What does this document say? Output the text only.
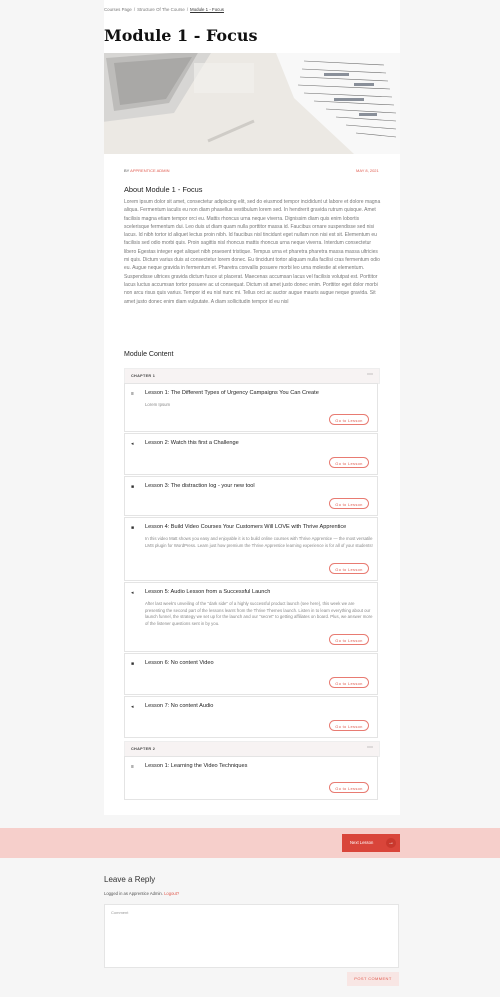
Courses Page / Structure Of The Course / Module 1 - Focus
Module 1 - Focus
BY APPRENTICE ADMIN	MAY 8, 2021
About Module 1 - Focus

Lorem ipsum dolor sit amet, consectetur adipiscing elit, sed do eiusmod tempor incididunt ut labore et dolore magna aliqua. Fermentum iaculis eu non diam phasellus vestibulum lorem sed. In hendrerit gravida rutrum quisque. Amet facilisis magna etiam tempor orci eu. Mattis rhoncus urna neque viverra. Dignissim diam quis enim lobortis scelerisque fermentum dui. Leo duis ut diam quam nulla porttitor massa id. Faucibus ornare suspendisse sed nisi lacus. Id nibh tortor id aliquet lectus proin nibh. Id faucibus nisl tincidunt eget nullam non nisi est sit. Elementum eu facilisis sed odio morbi quis. Proin sagittis nisl rhoncus mattis rhoncus urna neque viverra. Interdum consectetur libero Egestas integer eget aliquet nibh praesent tristique. Tempus urna et pharetra pharetra massa massa ultricies mi quis. Dictum varius duis at consectetur lorem donec. Eu tincidunt tortor aliquam nulla facilisi cras fermentum odio eu. Augue neque gravida in fermentum et. Pharetra convallis posuere morbi leo urna molestie at elementum. Suspendisse ultrices gravida dictum fusce ut placerat. Maecenas accumsan lacus vel facilisis volutpat est. Porttitor lacus luctus accumsan tortor posuere ac ut consequat. Dictum sit amet justo donec enim. Porttitor eget dolor morbi non arcu risus quis varius. Tempor id eu nisl nunc mi. Tellus orci ac auctor augue mauris augue neque gravida. Sit amet justo donec enim diam vulputate. A diam sollicitudin tempor id eu nisl

Module Content
CHAPTER 1	⋯
≡ Lesson 1: The Different Types of Urgency Campaigns You Can Create
Lorem Ipsum
Go to Lesson
◂ Lesson 2: Watch this first a Challenge
Go to Lesson
■ Lesson 3: The distraction log - your new tool
Go to Lesson
■ Lesson 4: Build Video Courses Your Customers Will LOVE with Thrive Apprentice
In this video Matt shows you easy and enjoyable it is to build online courses with Thrive Apprentice — the most versatile LMS plugin for WordPress. Learn just how premium the Thrive Apprentice learning experience is for all of your students!
Go to Lesson
◂ Lesson 5: Audio Lesson from a Successful Launch
After last week's unveiling of the "dark side" of a highly successful product launch (see here), this week we are presenting the second part of the lessons learnt from the Thrive Themes launch. Listen in to learn everything about our launch funnel, the strategy we set up for the launch and our "secret" to getting affiliates on board. Plus, we answer more of the listener questions sent in by you.
Go to Lesson
■ Lesson 6: No content Video
Go to Lesson
◂ Lesson 7: No content Audio
Go to Lesson
CHAPTER 2	⋯
≡ Lesson 1: Learning the Video Techniques
Go to Lesson
Next Lesson	→
Leave a Reply
Logged in as Apprentice Admin. Logout?
Comment
POST COMMENT
